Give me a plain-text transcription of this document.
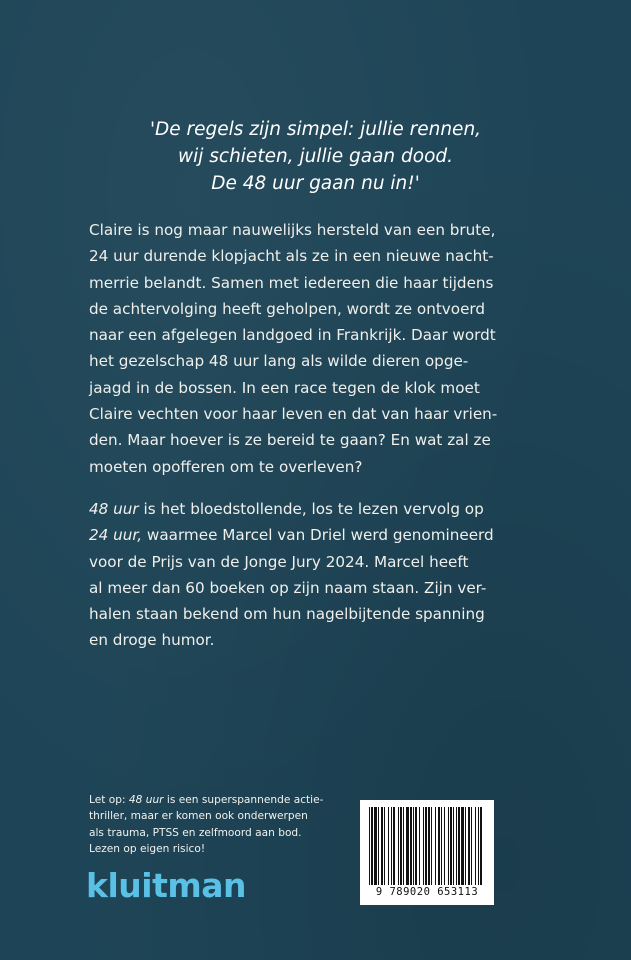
'De regels zijn simpel: jullie rennen,
wij schieten, jullie gaan dood.
De 48 uur gaan nu in!'
Claire is nog maar nauwelijks hersteld van een brute,
24 uur durende klopjacht als ze in een nieuwe nacht-
merrie belandt. Samen met iedereen die haar tijdens
de achtervolging heeft geholpen, wordt ze ontvoerd
naar een afgelegen landgoed in Frankrijk. Daar wordt
het gezelschap 48 uur lang als wilde dieren opge-
jaagd in de bossen. In een race tegen de klok moet
Claire vechten voor haar leven en dat van haar vrien-
den. Maar hoever is ze bereid te gaan? En wat zal ze
moeten opofferen om te overleven?
48 uur is het bloedstollende, los te lezen vervolg op
24 uur, waarmee Marcel van Driel werd genomineerd
voor de Prijs van de Jonge Jury 2024. Marcel heeft
al meer dan 60 boeken op zijn naam staan. Zijn ver-
halen staan bekend om hun nagelbijtende spanning
en droge humor.
Let op: 48 uur is een superspannende actie-
thriller, maar er komen ook onderwerpen
als trauma, PTSS en zelfmoord aan bod.
Lezen op eigen risico!
kluitman	9 789020 653113
